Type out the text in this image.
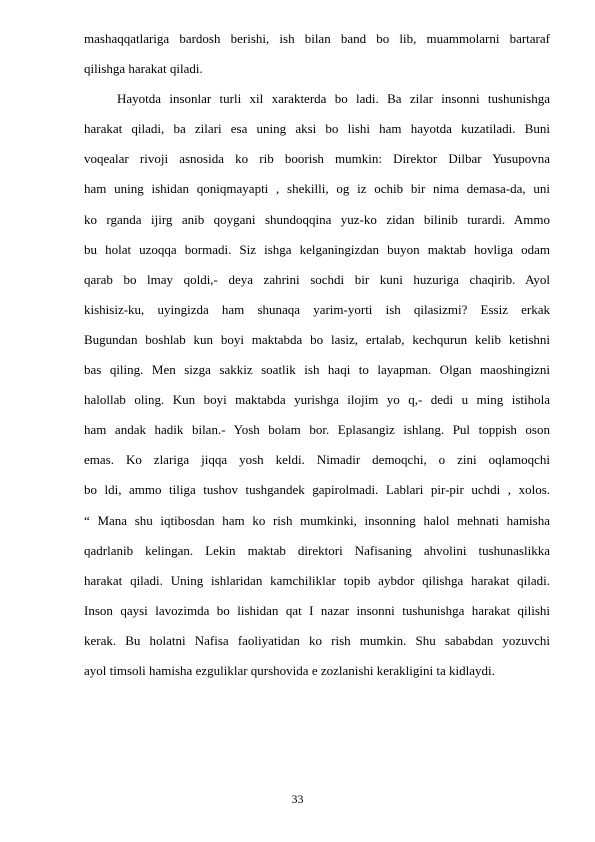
mashaqqatlariga bardosh berishi, ish bilan band bo lib, muammolarni bartaraf
qilishga harakat qiladi.
Hayotda insonlar turli xil xarakterda bo ladi. Ba zilar insonni tushunishga
harakat qiladi, ba zilari esa uning aksi bo lishi ham hayotda kuzatiladi. Buni
voqealar rivoji asnosida ko rib boorish mumkin: Direktor Dilbar Yusupovna
ham uning ishidan qoniqmayapti , shekilli, og iz ochib bir nima demasa-da, uni
ko rganda ijirg anib qoygani shundoqqina yuz-ko zidan bilinib turardi. Ammo
bu holat uzoqqa bormadi. Siz ishga kelganingizdan buyon maktab hovliga odam
qarab bo lmay qoldi,- deya zahrini sochdi bir kuni huzuriga chaqirib. Ayol
kishisiz-ku, uyingizda ham shunaqa yarim-yorti ish qilasizmi? Essiz erkak
Bugundan boshlab kun boyi maktabda bo lasiz, ertalab, kechqurun kelib ketishni
bas qiling. Men sizga sakkiz soatlik ish haqi to layapman. Olgan maoshingizni
halollab oling. Kun boyi maktabda yurishga ilojim yo q,- dedi u ming istihola
ham andak hadik bilan.- Yosh bolam bor. Eplasangiz ishlang. Pul toppish oson
emas. Ko zlariga jiqqa yosh keldi. Nimadir demoqchi, o zini oqlamoqchi
bo ldi, ammo tiliga tushov tushgandek gapirolmadi. Lablari pir-pir uchdi , xolos.
“ Mana shu iqtibosdan ham ko rish mumkinki, insonning halol mehnati hamisha
qadrlanib kelingan. Lekin maktab direktori Nafisaning ahvolini tushunaslikka
harakat qiladi. Uning ishlaridan kamchiliklar topib aybdor qilishga harakat qiladi.
Inson qaysi lavozimda bo lishidan qat I nazar insonni tushunishga harakat qilishi
kerak. Bu holatni Nafisa faoliyatidan ko rish mumkin. Shu sababdan yozuvchi
ayol timsoli hamisha ezguliklar qurshovida e zozlanishi kerakligini ta kidlaydi.
33
